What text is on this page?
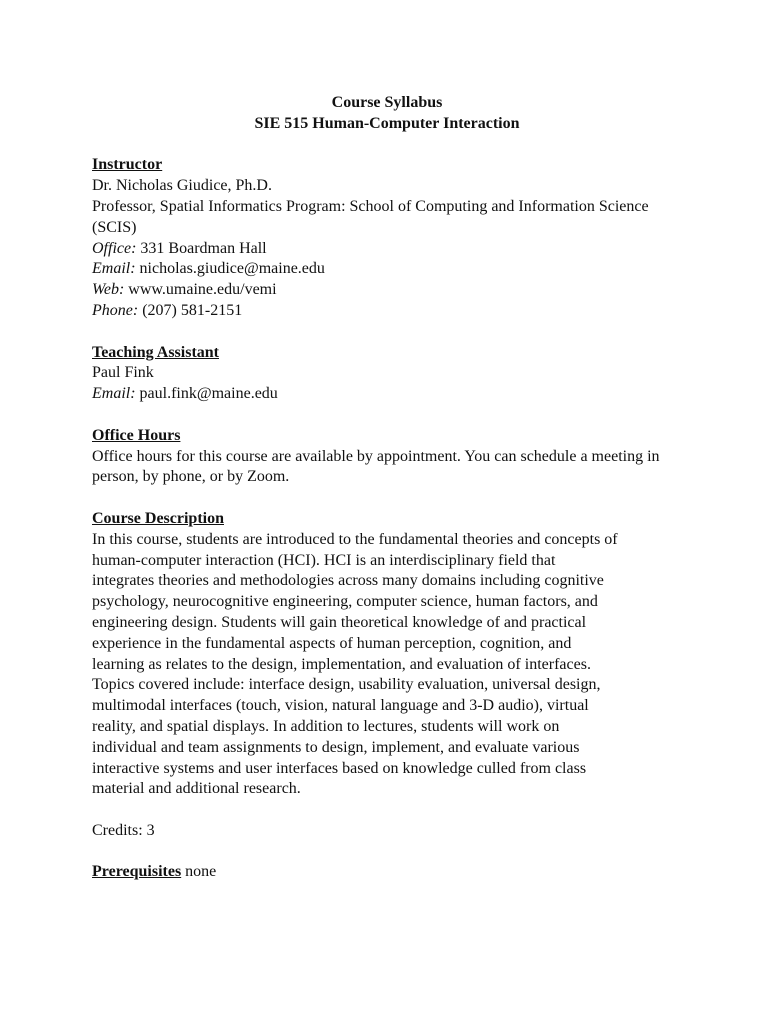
Course Syllabus

SIE 515 Human-Computer Interaction

Instructor

Dr. Nicholas Giudice, Ph.D.

Professor, Spatial Informatics Program: School of Computing and Information Science (SCIS)

Office: 331 Boardman Hall

Email: nicholas.giudice@maine.edu

Web: www.umaine.edu/vemi

Phone: (207) 581-2151

Teaching Assistant

Paul Fink

Email: paul.fink@maine.edu

Office Hours

Office hours for this course are available by appointment. You can schedule a meeting in person, by phone, or by Zoom.

Course Description

In this course, students are introduced to the fundamental theories and concepts of
human-computer interaction (HCI). HCI is an interdisciplinary field that
integrates theories and methodologies across many domains including cognitive
psychology, neurocognitive engineering, computer science, human factors, and
engineering design. Students will gain theoretical knowledge of and practical
experience in the fundamental aspects of human perception, cognition, and
learning as relates to the design, implementation, and evaluation of interfaces.
Topics covered include: interface design, usability evaluation, universal design,
multimodal interfaces (touch, vision, natural language and 3-D audio), virtual
reality, and spatial displays. In addition to lectures, students will work on
individual and team assignments to design, implement, and evaluate various
interactive systems and user interfaces based on knowledge culled from class
material and additional research.

Credits: 3

Prerequisites none
